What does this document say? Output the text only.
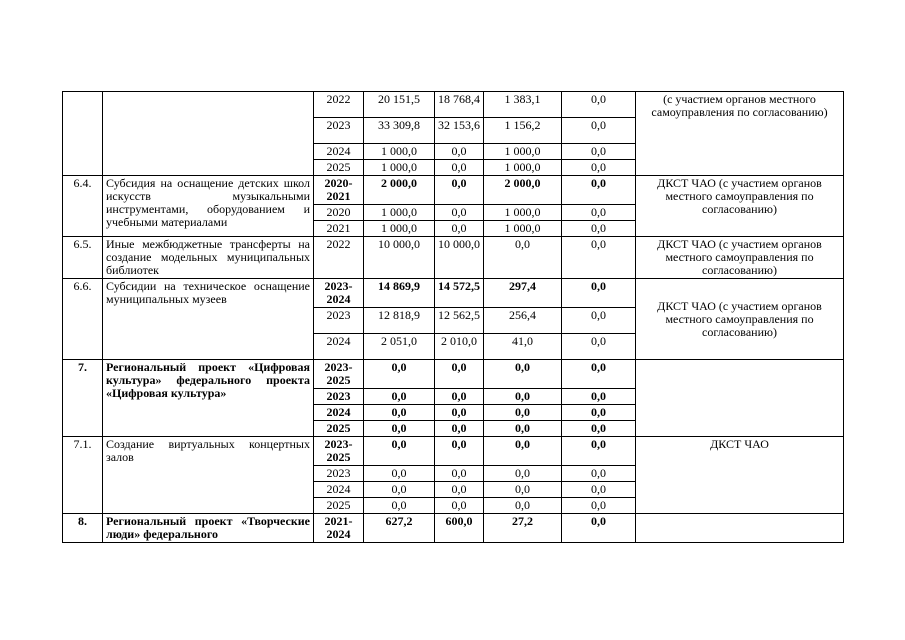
		2022	20 151,5	18 768,4	1 383,1	0,0	(с участием органов местного самоуправления по согласованию)
		2023	33 309,8	32 153,6	1 156,2	0,0	
		2024	1 000,0	0,0	1 000,0	0,0	
		2025	1 000,0	0,0	1 000,0	0,0	
6.4.	Субсидия на оснащение детских школ искусств музыкальными инструментами, оборудованием и учебными материалами	2020-2021	2 000,0	0,0	2 000,0	0,0	ДКСТ ЧАО (с участием органов местного самоуправления по согласованию)
		2020	1 000,0	0,0	1 000,0	0,0	
		2021	1 000,0	0,0	1 000,0	0,0	
6.5.	Иные межбюджетные трансферты на создание модельных муниципальных библиотек	2022	10 000,0	10 000,0	0,0	0,0	ДКСТ ЧАО (с участием органов местного самоуправления по согласованию)
6.6.	Субсидии на техническое оснащение муниципальных музеев	2023-2024	14 869,9	14 572,5	297,4	0,0	ДКСТ ЧАО (с участием органов местного самоуправления по согласованию)
		2023	12 818,9	12 562,5	256,4	0,0	
		2024	2 051,0	2 010,0	41,0	0,0	
7.	Региональный проект «Цифровая культура» федерального проекта «Цифровая культура»	2023-2025	0,0	0,0	0,0	0,0	
		2023	0,0	0,0	0,0	0,0	
		2024	0,0	0,0	0,0	0,0	
		2025	0,0	0,0	0,0	0,0	
7.1.	Создание виртуальных концертных залов	2023-2025	0,0	0,0	0,0	0,0	ДКСТ ЧАО
		2023	0,0	0,0	0,0	0,0	
		2024	0,0	0,0	0,0	0,0	
		2025	0,0	0,0	0,0	0,0	
8.	Региональный проект «Творческие люди» федерального	2021-2024	627,2	600,0	27,2	0,0	
